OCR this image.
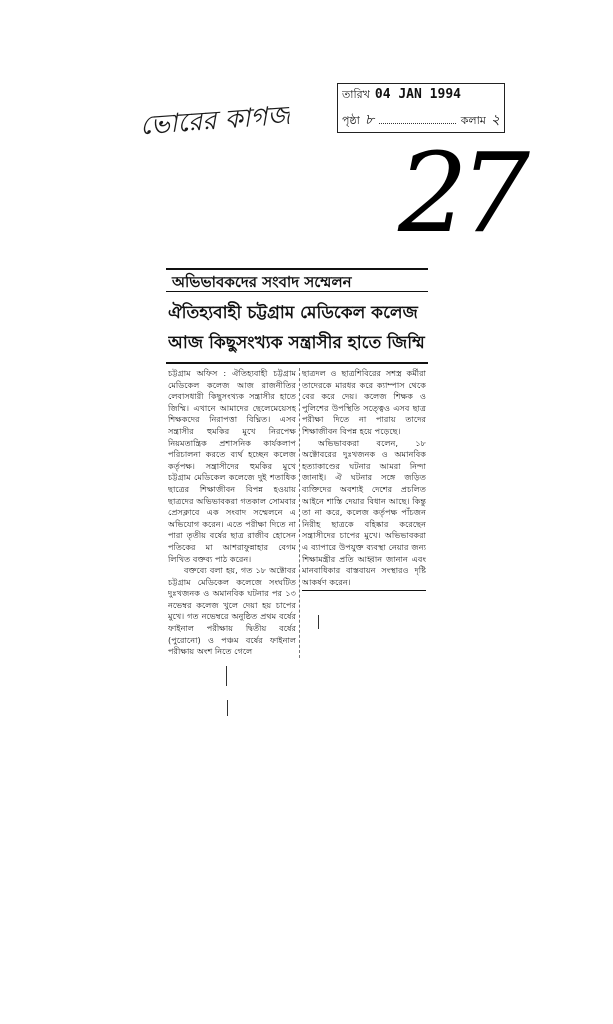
ভোরের কাগজ
তারিখ 04 JAN 1994
পৃষ্ঠা ৮	কলাম ২
27
অভিভাবকদের সংবাদ সম্মেলন
ঐতিহ্যবাহী চট্টগ্রাম মেডিকেল কলেজ
আজ কিছুসংখ্যক সন্ত্রাসীর হাতে জিম্মি

চট্টগ্রাম অফিস : ঐতিহ্যবাহী চট্টগ্রাম মেডিকেল কলেজ আজ রাজনীতির লেবাসধারী কিছুসংখ্যক সন্ত্রাসীর হাতে জিম্মি। এখানে আমাদের ছেলেমেয়েসহ শিক্ষকদের নিরাপত্তা বিঘ্নিত। এসব সন্ত্রাসীর হুমকির মুখে নিরপেক্ষ নিয়মতান্ত্রিক প্রশাসনিক কার্যকলাপ পরিচালনা করতে ব্যর্থ হচ্ছেন কলেজ কর্তৃপক্ষ। সন্ত্রাসীদের হুমকির মুখে চট্টগ্রাম মেডিকেল কলেজে দুই শতাধিক ছাত্রের শিক্ষাজীবন বিপন্ন হওয়ায় ছাত্রদের অভিভাবকরা গতকাল সোমবার প্রেসক্লাবে এক সংবাদ সম্মেলনে এ অভিযোগ করেন। এতে পরীক্ষা দিতে না পারা তৃতীয় বর্ষের ছাত্র রাজীব হোসেন পতিকের মা আশরাফুন্নাহার বেগম লিখিত বক্তব্য পাঠ করেন।

বক্তব্যে বলা হয়, গত ১৮ অক্টোবর চট্টগ্রাম মেডিকেল কলেজে সংঘটিত দুঃখজনক ও অমানবিক ঘটনার পর ১৩ নভেম্বর কলেজ খুলে দেয়া হয় চাপের মুখে। গত নভেম্বরে অনুষ্ঠিত প্রথম বর্ষের ফাইনাল পরীক্ষায় দ্বিতীয় বর্ষের (পুরোনো) ও পঞ্চম বর্ষের ফাইনাল পরীক্ষায় অংশ নিতে গেলে

ছাত্রদল ও ছাত্রশিবিরের সশস্ত্র কর্মীরা তাদেরকে মারধর করে ক্যাম্পাস থেকে বের করে দেয়। কলেজ শিক্ষক ও পুলিশের উপস্থিতি সত্ত্বেও এসব ছাত্র পরীক্ষা দিতে না পারায় তাদের শিক্ষাজীবন বিপন্ন হয়ে পড়েছে।

অভিভাবকরা বলেন, ১৮ অক্টোবরের দুঃখজনক ও অমানবিক হত্যাকাণ্ডের ঘটনার আমরা নিন্দা জানাই। ঐ ঘটনার সঙ্গে জড়িত ব্যক্তিদের অবশ্যই দেশের প্রচলিত আইনে শাস্তি দেয়ার বিধান আছে। কিন্তু তা না করে, কলেজ কর্তৃপক্ষ পাঁচজন নিরীহ ছাত্রকে বহিষ্কার করেছেন সন্ত্রাসীদের চাপের মুখে। অভিভাবকরা এ ব্যাপারে উপযুক্ত ব্যবস্থা নেয়ার জন্য শিক্ষামন্ত্রীর প্রতি আহ্বান জানান এবং মানবাধিকার বাস্তবায়ন সংস্থারও দৃষ্টি আকর্ষণ করেন।
